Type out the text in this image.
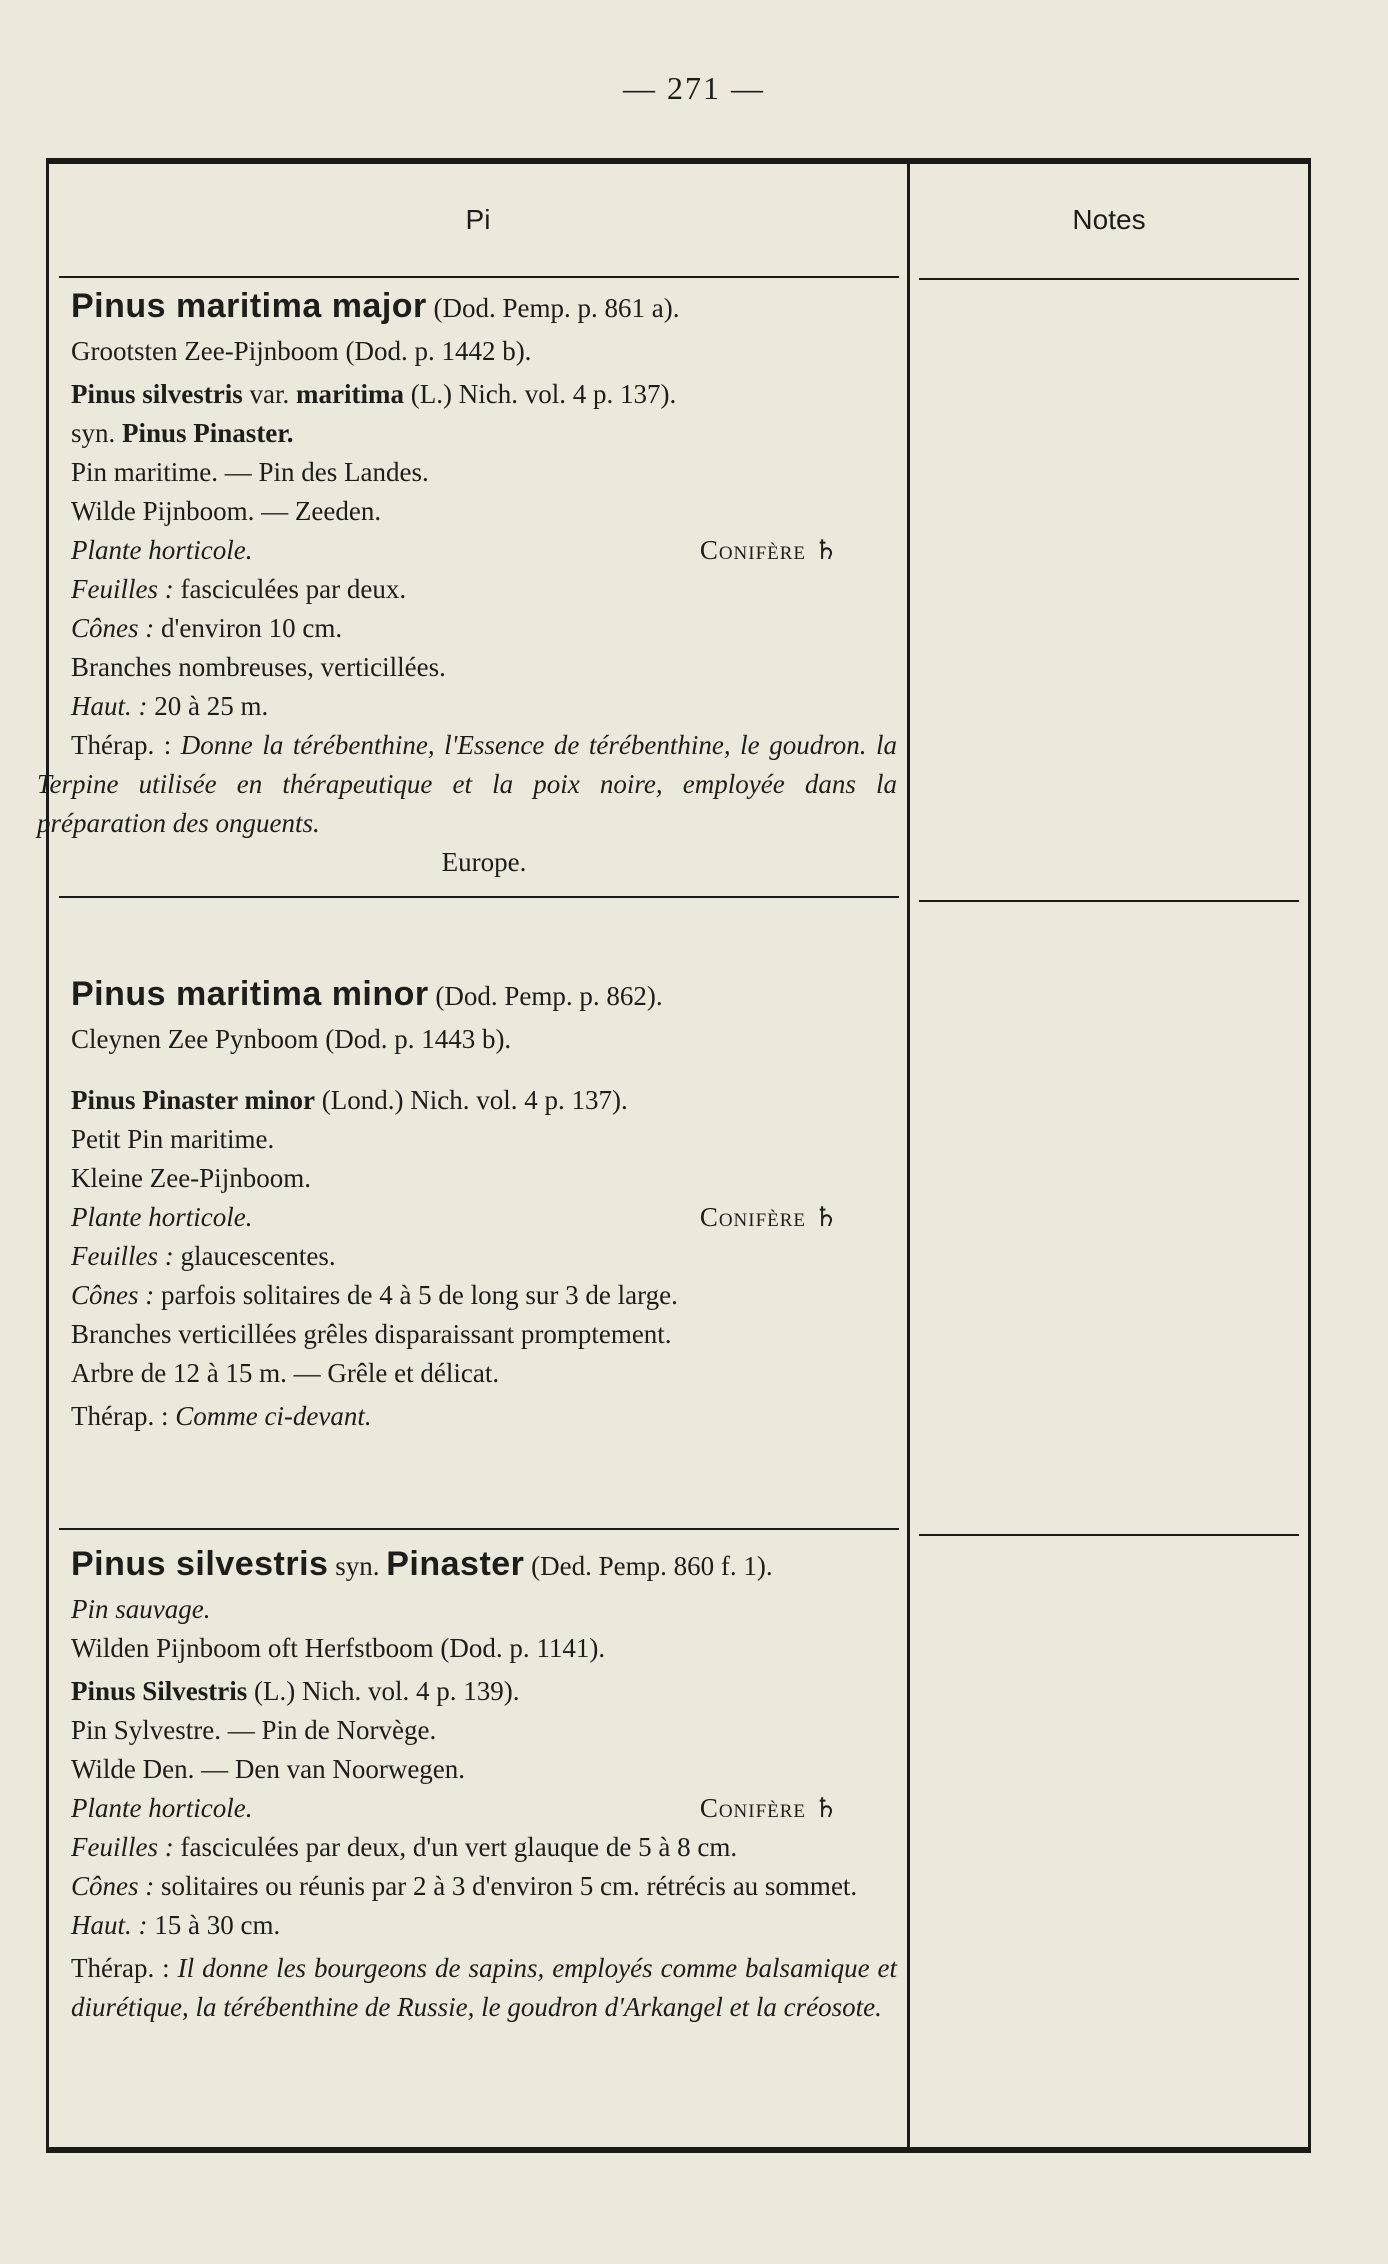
— 271 —
Pi	Notes
Pinus maritima major (Dod. Pemp. p. 861 a).
Grootsten Zee-Pijnboom (Dod. p. 1442 b).
Pinus silvestris var. maritima (L.) Nich. vol. 4 p. 137).
syn. Pinus Pinaster.
Pin maritime. — Pin des Landes.
Wilde Pijnboom. — Zeeden.
Plante horticole.	Conifère ♄
Feuilles : fasciculées par deux.
Cônes : d'environ 10 cm.
Branches nombreuses, verticillées.
Haut. : 20 à 25 m.
Thérap. : Donne la térébenthine, l'Essence de térébenthine, le goudron. la Terpine utilisée en thérapeutique et la poix noire, employée dans la préparation des onguents.
Europe.
Pinus maritima minor (Dod. Pemp. p. 862).
Cleynen Zee Pynboom (Dod. p. 1443 b).
Pinus Pinaster minor (Lond.) Nich. vol. 4 p. 137).
Petit Pin maritime.
Kleine Zee-Pijnboom.
Plante horticole.	Conifère ♄
Feuilles : glaucescentes.
Cônes : parfois solitaires de 4 à 5 de long sur 3 de large.
Branches verticillées grêles disparaissant promptement.
Arbre de 12 à 15 m. — Grêle et délicat.
Thérap. : Comme ci-devant.
Pinus silvestris syn. Pinaster (Ded. Pemp. 860 f. 1).
Pin sauvage.
Wilden Pijnboom oft Herfstboom (Dod. p. 1141).
Pinus Silvestris (L.) Nich. vol. 4 p. 139).
Pin Sylvestre. — Pin de Norvège.
Wilde Den. — Den van Noorwegen.
Plante horticole.	Conifère ♄
Feuilles : fasciculées par deux, d'un vert glauque de 5 à 8 cm.
Cônes : solitaires ou réunis par 2 à 3 d'environ 5 cm. rétrécis au sommet.
Haut. : 15 à 30 cm.
Thérap. : Il donne les bourgeons de sapins, employés comme balsamique et diurétique, la térébenthine de Russie, le goudron d'Arkangel et la créosote.
